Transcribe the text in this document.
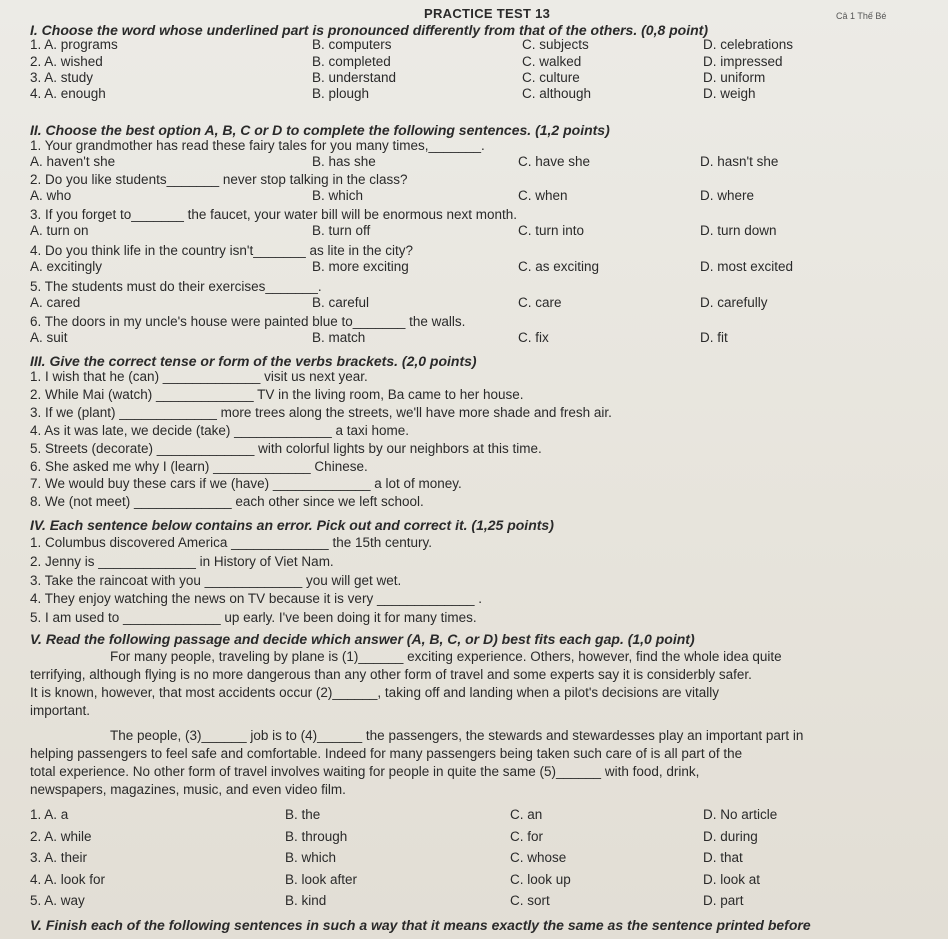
PRACTICE TEST 13	Câ 1 Thế Bé
I. Choose the word whose underlined part is pronounced differently from that of the others. (0,8 point)
1. A. programs	B. computers	C. subjects	D. celebrations
2. A. wished	B. completed	C. walked	D. impressed
3. A. study	B. understand	C. culture	D. uniform
4. A. enough	B. plough	C. although	D. weigh
II. Choose the best option A, B, C or D to complete the following sentences. (1,2 points)
1. Your grandmother has read these fairy tales for you many times,_______.
A. haven't she	B. has she	C. have she	D. hasn't she
2. Do you like students_______ never stop talking in the class?
A. who	B. which	C. when	D. where
3. If you forget to_______ the faucet, your water bill will be enormous next month.
A. turn on	B. turn off	C. turn into	D. turn down
4. Do you think life in the country isn't_______ as lite in the city?
A. excitingly	B. more exciting	C. as exciting	D. most excited
5. The students must do their exercises_______.
A. cared	B. careful	C. care	D. carefully
6. The doors in my uncle's house were painted blue to_______ the walls.
A. suit	B. match	C. fix	D. fit
III. Give the correct tense or form of the verbs brackets. (2,0 points)
1. I wish that he (can) _____________ visit us next year.
2. While Mai (watch) _____________ TV in the living room, Ba came to her house.
3. If we (plant) _____________ more trees along the streets, we'll have more shade and fresh air.
4. As it was late, we decide (take) _____________ a taxi home.
5. Streets (decorate) _____________ with colorful lights by our neighbors at this time.
6. She asked me why I (learn) _____________ Chinese.
7. We would buy these cars if we (have) _____________ a lot of money.
8. We (not meet) _____________ each other since we left school.
IV. Each sentence below contains an error. Pick out and correct it. (1,25 points)
1. Columbus discovered America _____________ the 15th century.
2. Jenny is _____________ in History of Viet Nam.
3. Take the raincoat with you _____________ you will get wet.
4. They enjoy watching the news on TV because it is very _____________ .
5. I am used to _____________ up early. I've been doing it for many times.
V. Read the following passage and decide which answer (A, B, C, or D) best fits each gap. (1,0 point)
For many people, traveling by plane is (1)______ exciting experience. Others, however, find the whole idea quite
terrifying, although flying is no more dangerous than any other form of travel and some experts say it is considerbly safer.
It is known, however, that most accidents occur (2)______, taking off and landing when a pilot's decisions are vitally
important.
The people, (3)______ job is to (4)______ the passengers, the stewards and stewardesses play an important part in
helping passengers to feel safe and comfortable. Indeed for many passengers being taken such care of is all part of the
total experience. No other form of travel involves waiting for people in quite the same (5)______ with food, drink,
newspapers, magazines, music, and even video film.
1. A. a	B. the	C. an	D. No article
2. A. while	B. through	C. for	D. during
3. A. their	B. which	C. whose	D. that
4. A. look for	B. look after	C. look up	D. look at
5. A. way	B. kind	C. sort	D. part
V. Finish each of the following sentences in such a way that it means exactly the same as the sentence printed before
